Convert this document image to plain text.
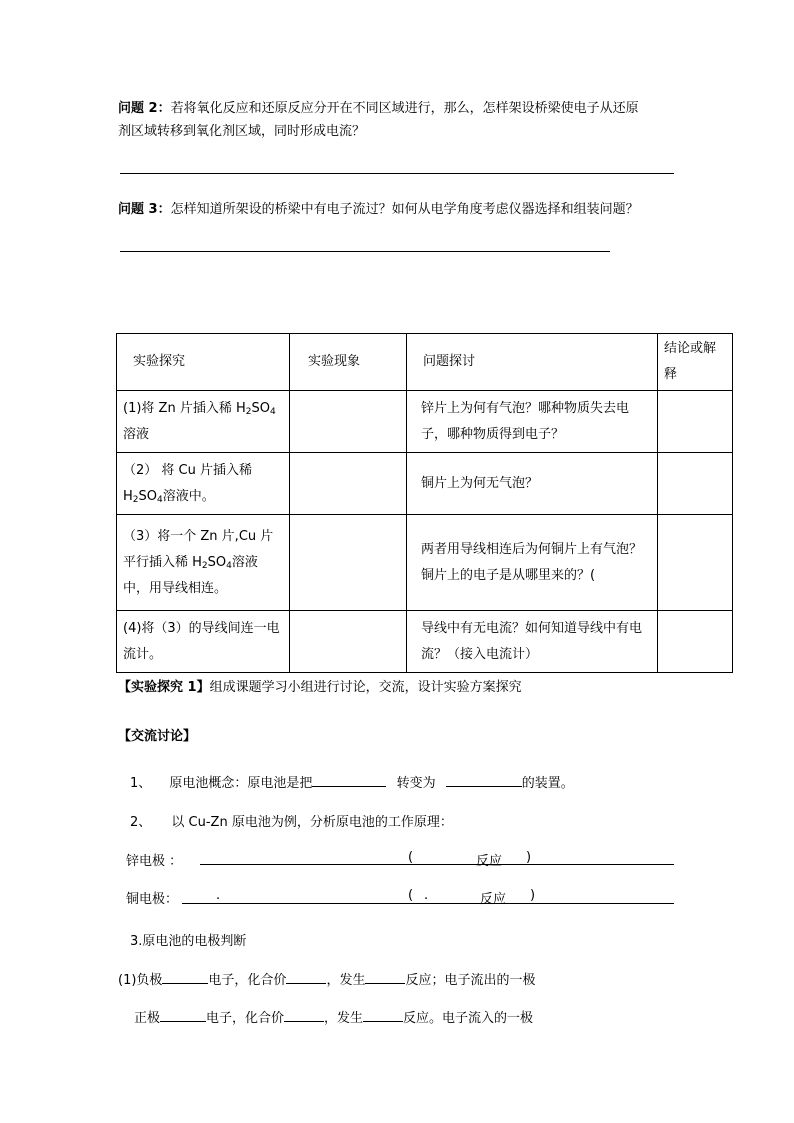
问题 2：若将氧化反应和还原反应分开在不同区域进行，那么，怎样架设桥梁使电子从还原
剂区域转移到氧化剂区域，同时形成电流？
问题 3：怎样知道所架设的桥梁中有电子流过？如何从电学角度考虑仪器选择和组装问题？
实验探究	实验现象	问题探讨	结论或解释
(1)将 Zn 片插入稀 $H_2SO_4$溶液		锌片上为何有气泡？哪种物质失去电子，哪种物质得到电子？	
（2） 将 Cu 片插入稀 $H_2SO_4$溶液中。		铜片上为何无气泡？	
（3）将一个 Zn 片,Cu 片平行插入稀 $H_2SO_4$溶液中，用导线相连。		两者用导线相连后为何铜片上有气泡？铜片上的电子是从哪里来的？(	
(4)将（3）的导线间连一电流计。		导线中有无电流？如何知道导线中有电流？（接入电流计）	
【实验探究 1】组成课题学习小组进行讨论，交流，设计实验方案探究
【交流讨论】
1、 原电池概念：原电池是把	转变为	的装置。
2、 以 Cu-Zn 原电池为例，分析原电池的工作原理：
锌电极 ：	(	反应 )
铜电极：	.	( .	反应 )
3.原电池的电极判断
(1)负极	电子，化合价	，发生	反应；电子流出的一极
正极	电子，化合价	，发生	反应。电子流入的一极
